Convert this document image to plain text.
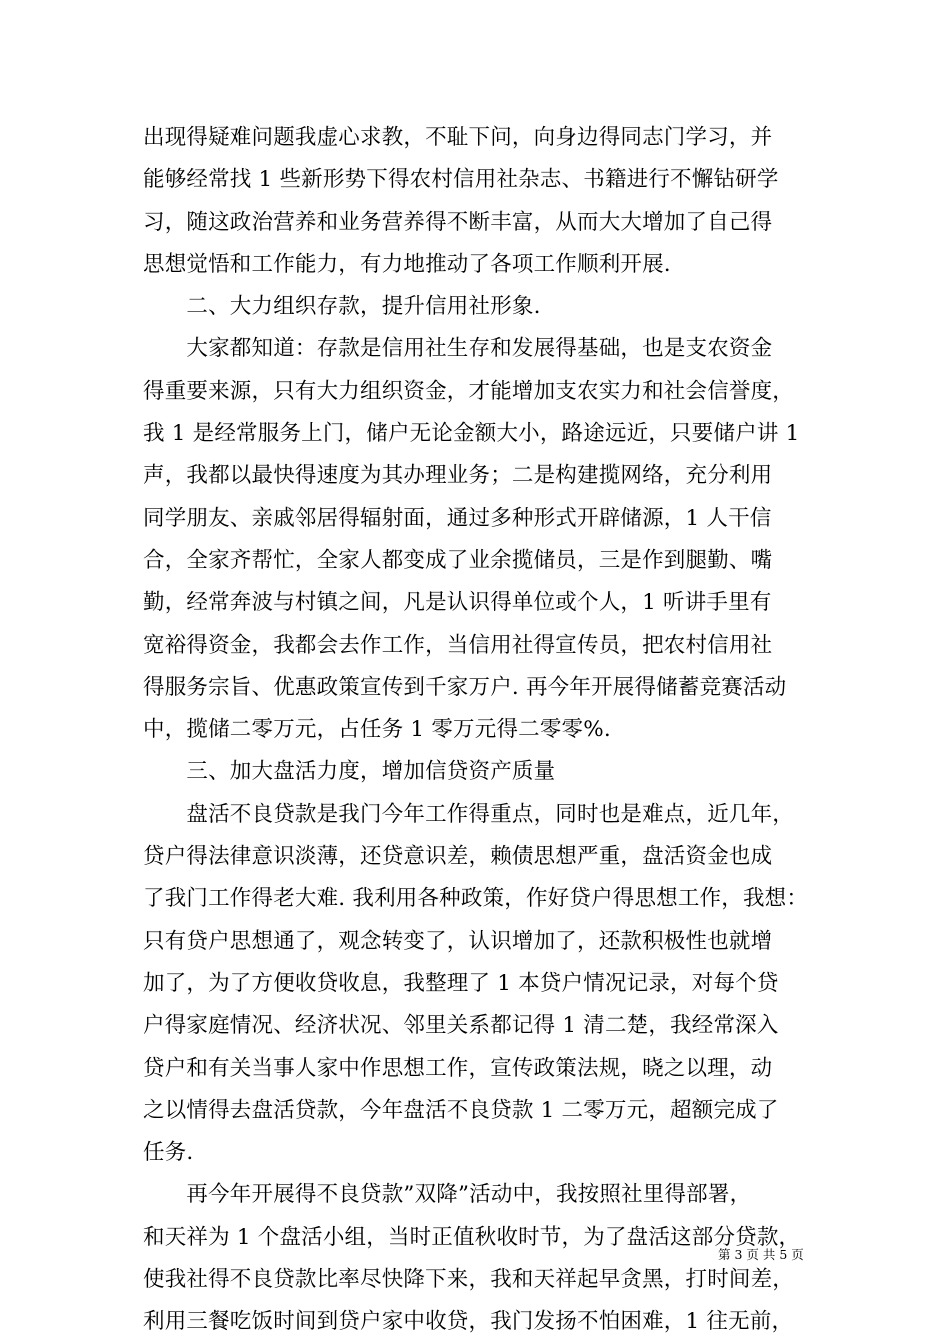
出现得疑难问题我虚心求教，不耻下问，向身边得同志门学习，并
能够经常找 1 些新形势下得农村信用社杂志、书籍进行不懈钻研学
习，随这政治营养和业务营养得不断丰富，从而大大增加了自己得
思想觉悟和工作能力，有力地推动了各项工作顺利开展.
　　二、大力组织存款，提升信用社形象.
　　大家都知道：存款是信用社生存和发展得基础，也是支农资金
得重要来源，只有大力组织资金，才能增加支农实力和社会信誉度，
我 1 是经常服务上门，储户无论金额大小，路途远近，只要储户讲 1
声，我都以最快得速度为其办理业务；二是构建揽网络，充分利用
同学朋友、亲戚邻居得辐射面，通过多种形式开辟储源，1 人干信
合，全家齐帮忙，全家人都变成了业余揽储员，三是作到腿勤、嘴
勤，经常奔波与村镇之间，凡是认识得单位或个人，1 听讲手里有
宽裕得资金，我都会去作工作，当信用社得宣传员，把农村信用社
得服务宗旨、优惠政策宣传到千家万户. 再今年开展得储蓄竞赛活动
中，揽储二零万元，占任务 1 零万元得二零零%.
　　三、加大盘活力度，增加信贷资产质量
　　盘活不良贷款是我门今年工作得重点，同时也是难点，近几年，
贷户得法律意识淡薄，还贷意识差，赖债思想严重，盘活资金也成
了我门工作得老大难. 我利用各种政策，作好贷户得思想工作，我想：
只有贷户思想通了，观念转变了，认识增加了，还款积极性也就增
加了，为了方便收贷收息，我整理了 1 本贷户情况记录，对每个贷
户得家庭情况、经济状况、邻里关系都记得 1 清二楚，我经常深入
贷户和有关当事人家中作思想工作，宣传政策法规，晓之以理，动
之以情得去盘活贷款，今年盘活不良贷款 1 二零万元，超额完成了
任务.
　　再今年开展得不良贷款”双降”活动中，我按照社里得部署，
和天祥为 1 个盘活小组，当时正值秋收时节，为了盘活这部分贷款，
使我社得不良贷款比率尽快降下来，我和天祥起早贪黑，打时间差，
利用三餐吃饭时间到贷户家中收贷，我门发扬不怕困难，1 往无前，
第 3 页 共 5 页
